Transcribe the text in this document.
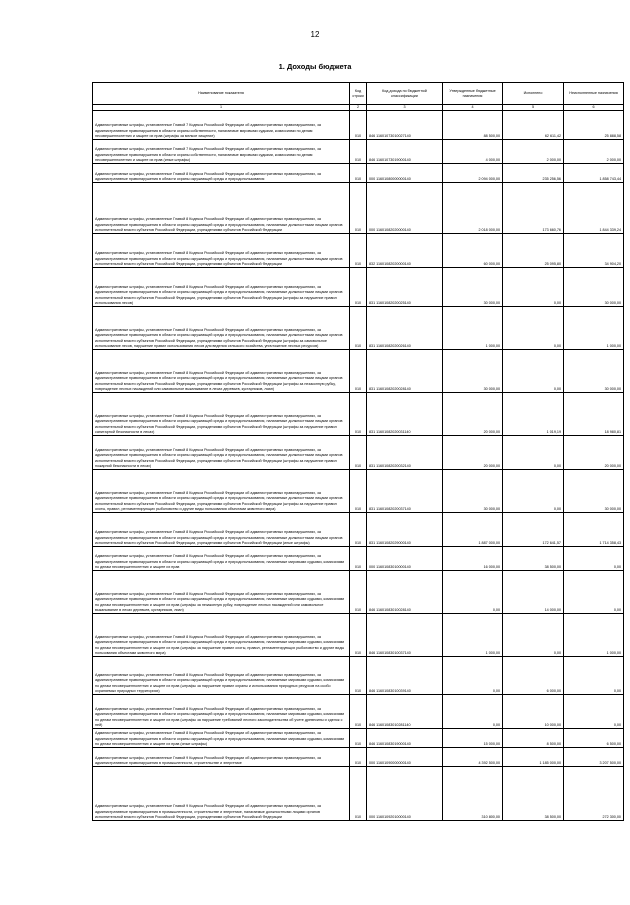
12
1. Доходы бюджета
Наименование показателя	Код строки	Код дохода по бюджетной классификации	Утвержденные бюджетные назначения	Исполнено	Неисполненные назначения
1	2	3	4	5	6
Административные штрафы, установленные Главой 7 Кодекса Российской Федерации об административных правонарушениях, за административные правонарушения в области охраны собственности, налагаемые мировыми судьями, комиссиями по делам несовершеннолетних и защите их прав (штрафы за мелкое хищение)	010	846 11601073010027140	88 500,00	62 611,42	25 888,58
Административные штрафы, установленные Главой 7 Кодекса Российской Федерации об административных правонарушениях, за административные правонарушения в области охраны собственности, налагаемые мировыми судьями, комиссиями по делам несовершеннолетних и защите их прав (иные штрафы)	010	846 11601073019000140	4 000,00	2 000,00	2 000,00
Административные штрафы, установленные Главой 8 Кодекса Российской Федерации об административных правонарушениях, за административные правонарушения в области охраны окружающей среды и природопользования	010	000 11601080000000140	2 094 000,00	235 256,56	1 858 743,44
Административные штрафы, установленные Главой 8 Кодекса Российской Федерации об административных правонарушениях, за административные правонарушения в области охраны окружающей среды и природопользования, налагаемые должностными лицами органов исполнительной власти субъектов Российской Федерации, учреждениями субъектов Российской Федерации	010	000 11601082020000140	2 018 000,00	173 660,76	1 844 339,24
Административные штрафы, установленные Главой 8 Кодекса Российской Федерации об административных правонарушениях, за административные правонарушения в области охраны окружающей среды и природопользования, налагаемые должностными лицами органов исполнительной власти субъектов Российской Федерации, учреждениями субъектов Российской Федерации	010	832 11601082020000140	60 000,00	25 095,80	34 904,20
Административные штрафы, установленные Главой 8 Кодекса Российской Федерации об административных правонарушениях, за административные правонарушения в области охраны окружающей среды и природопользования, налагаемые должностными лицами органов исполнительной власти субъектов Российской Федерации, учреждениями субъектов Российской Федерации (штрафы за нарушение правил использования лесов)	010	831 11601082020025140	30 000,00	0,00	30 000,00
Административные штрафы, установленные Главой 8 Кодекса Российской Федерации об административных правонарушениях, за административные правонарушения в области охраны окружающей среды и природопользования, налагаемые должностными лицами органов исполнительной власти субъектов Российской Федерации, учреждениями субъектов Российской Федерации (штрафы за самовольное использование лесов, нарушение правил использования лесов для ведения сельского хозяйства, уничтожение лесных ресурсов)	010	831 11601082020026140	1 000,00	0,00	1 000,00
Административные штрафы, установленные Главой 8 Кодекса Российской Федерации об административных правонарушениях, за административные правонарушения в области охраны окружающей среды и природопользования, налагаемые должностными лицами органов исполнительной власти субъектов Российской Федерации, учреждениями субъектов Российской Федерации (штрафы за незаконную рубку, повреждение лесных насаждений или самовольное выкапывание в лесах деревьев, кустарников, лиан)	010	831 11601082020028140	30 000,00	0,00	30 000,00
Административные штрафы, установленные Главой 8 Кодекса Российской Федерации об административных правонарушениях, за административные правонарушения в области охраны окружающей среды и природопользования, налагаемые должностными лицами органов исполнительной власти субъектов Российской Федерации, учреждениями субъектов Российской Федерации (штрафы за нарушение правил санитарной безопасности в лесах)	010	831 11601082020031140	20 000,00	1 019,19	18 980,81
Административные штрафы, установленные Главой 8 Кодекса Российской Федерации об административных правонарушениях, за административные правонарушения в области охраны окружающей среды и природопользования, налагаемые должностными лицами органов исполнительной власти субъектов Российской Федерации, учреждениями субъектов Российской Федерации (штрафы за нарушение правил пожарной безопасности в лесах)	010	831 11601082020032140	20 000,00	0,00	20 000,00
Административные штрафы, установленные Главой 8 Кодекса Российской Федерации об административных правонарушениях, за административные правонарушения в области охраны окружающей среды и природопользования, налагаемые должностными лицами органов исполнительной власти субъектов Российской Федерации, учреждениями субъектов Российской Федерации (штрафы за нарушение правил охоты, правил, регламентирующих рыболовство и другие виды пользования объектами животного мира)	010	831 11601082020037140	30 000,00	0,00	30 000,00
Административные штрафы, установленные Главой 8 Кодекса Российской Федерации об административных правонарушениях, за административные правонарушения в области охраны окружающей среды и природопользования, налагаемые должностными лицами органов исполнительной власти субъектов Российской Федерации, учреждениями субъектов Российской Федерации (иные штрафы)	010	831 11601082029000140	1 887 000,00	172 641,57	1 714 358,43
Административные штрафы, установленные Главой 8 Кодекса Российской Федерации об административных правонарушениях, за административные правонарушения в области охраны окружающей среды и природопользования, налагаемые мировыми судьями, комиссиями по делам несовершеннолетних и защите их прав	010	000 11601083010000140	16 000,00	38 500,00	0,00
Административные штрафы, установленные Главой 8 Кодекса Российской Федерации об административных правонарушениях, за административные правонарушения в области охраны окружающей среды и природопользования, налагаемые мировыми судьями, комиссиями по делам несовершеннолетних и защите их прав (штрафы за незаконную рубку, повреждение лесных насаждений или самовольное выкапывание в лесах деревьев, кустарников, лиан)	010	846 11601083010028140	0,00	14 000,00	0,00
Административные штрафы, установленные Главой 8 Кодекса Российской Федерации об административных правонарушениях, за административные правонарушения в области охраны окружающей среды и природопользования, налагаемые мировыми судьями, комиссиями по делам несовершеннолетних и защите их прав (штрафы за нарушение правил охоты, правил, регламентирующих рыболовство и другие виды пользования объектами животного мира)	010	846 11601083010037140	1 000,00	0,00	1 000,00
Административные штрафы, установленные Главой 8 Кодекса Российской Федерации об административных правонарушениях, за административные правонарушения в области охраны окружающей среды и природопользования, налагаемые мировыми судьями, комиссиями по делам несовершеннолетних и защите их прав (штрафы за нарушение правил охраны и использования природных ресурсов на особо охраняемых природных территориях)	010	846 11601083010039140	0,00	6 000,00	0,00
Административные штрафы, установленные Главой 8 Кодекса Российской Федерации об административных правонарушениях, за административные правонарушения в области охраны окружающей среды и природопользования, налагаемые мировыми судьями, комиссиями по делам несовершеннолетних и защите их прав (штрафы за нарушение требований лесного законодательства об учете древесины и сделок с ней)	010	846 11601083010281140	0,00	10 000,00	0,00
Административные штрафы, установленные Главой 8 Кодекса Российской Федерации об административных правонарушениях, за административные правонарушения в области охраны окружающей среды и природопользования, налагаемые мировыми судьями, комиссиями по делам несовершеннолетних и защите их прав (иные штрафы)	010	846 11601083019000140	15 000,00	8 500,00	6 500,00
Административные штрафы, установленные Главой 9 Кодекса Российской Федерации об административных правонарушениях, за административные правонарушения в промышленности, строительстве и энергетике	010	000 11601090000000140	4 392 500,00	1 185 000,00	3 207 500,00
Административные штрафы, установленные Главой 9 Кодекса Российской Федерации об административных правонарушениях, за административные правонарушения в промышленности, строительстве и энергетике, налагаемые должностными лицами органов исполнительной власти субъектов Российской Федерации, учреждениями субъектов Российской Федерации	010	000 11601092010000140	310 800,00	38 500,00	272 300,00
